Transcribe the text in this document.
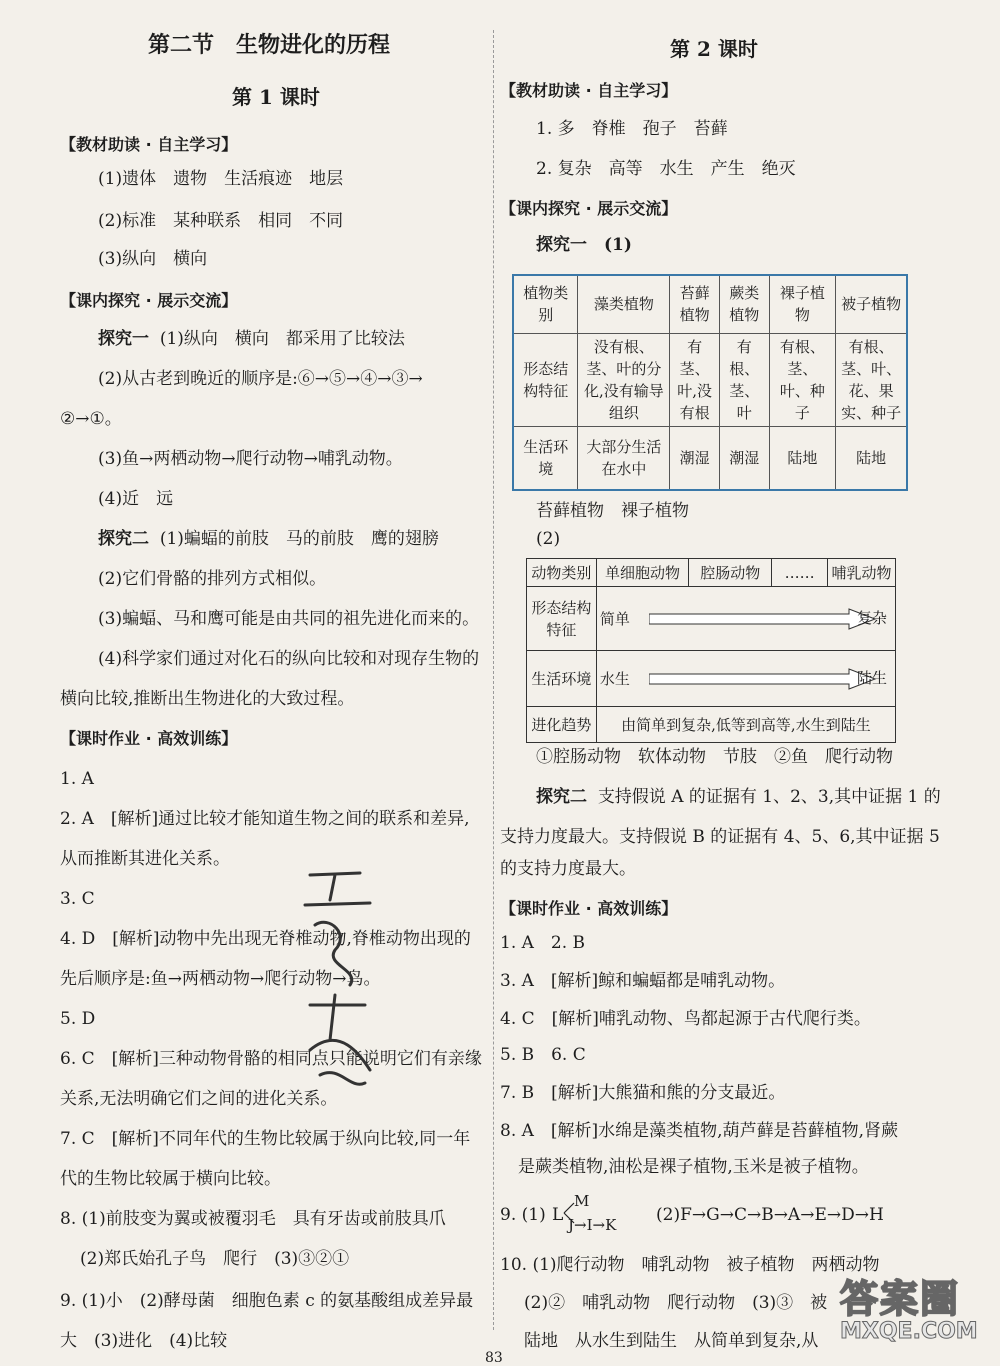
第二节　生物进化的历程
第 1 课时
【教材助读 · 自主学习】
(1)遗体　遗物　生活痕迹　地层
(2)标准　某种联系　相同　不同
(3)纵向　横向
【课内探究 · 展示交流】
探究一 (1)纵向　横向　都采用了比较法
(2)从古老到晚近的顺序是:⑥→⑤→④→③→
②→①。
(3)鱼→两栖动物→爬行动物→哺乳动物。
(4)近　远
探究二 (1)蝙蝠的前肢　马的前肢　鹰的翅膀
(2)它们骨骼的排列方式相似。
(3)蝙蝠、马和鹰可能是由共同的祖先进化而来的。
(4)科学家们通过对化石的纵向比较和对现存生物的
横向比较,推断出生物进化的大致过程。
【课时作业 · 高效训练】
1. A
2. A　[解析]通过比较才能知道生物之间的联系和差异,
从而推断其进化关系。
3. C
4. D　[解析]动物中先出现无脊椎动物,脊椎动物出现的
先后顺序是:鱼→两栖动物→爬行动物→鸟。
5. D
6. C　[解析]三种动物骨骼的相同点只能说明它们有亲缘
关系,无法明确它们之间的进化关系。
7. C　[解析]不同年代的生物比较属于纵向比较,同一年
代的生物比较属于横向比较。
8. (1)前肢变为翼或被覆羽毛　具有牙齿或前肢具爪
(2)郑氏始孔子鸟　爬行　(3)③②①
9. (1)小　(2)酵母菌　细胞色素 c 的氨基酸组成差异最
大　(3)进化　(4)比较
第 2 课时
【教材助读 · 自主学习】
1. 多　脊椎　孢子　苔藓
2. 复杂　高等　水生　产生　绝灭
【课内探究 · 展示交流】
探究一　(1)
植物类别	藻类植物	苔藓植物	蕨类植物	裸子植物	被子植物
形态结构特征	没有根、茎、叶的分化,没有输导组织	有茎、叶,没有根	有根、茎、叶	有根、茎、叶、种子	有根、茎、叶、花、果实、种子
生活环境	大部分生活在水中	潮湿	潮湿	陆地	陆地
苔藓植物　裸子植物
(2)
动物类别	单细胞动物	腔肠动物	……	哺乳动物
形态结构特征	简单 复杂			

生活环境	水生 陆生			

进化趋势	由简单到复杂,低等到高等,水生到陆生			
①腔肠动物　软体动物　节肢　②鱼　爬行动物
探究二 支持假说 A 的证据有 1、2、3,其中证据 1 的
支持力度最大。支持假说 B 的证据有 4、5、6,其中证据 5
的支持力度最大。
【课时作业 · 高效训练】
1. A　2. B
3. A　[解析]鲸和蝙蝠都是哺乳动物。
4. C　[解析]哺乳动物、鸟都起源于古代爬行类。
5. B　6. C
7. B　[解析]大熊猫和熊的分支最近。
8. A　[解析]水绵是藻类植物,葫芦藓是苔藓植物,肾蕨
是蕨类植物,油松是裸子植物,玉米是被子植物。
9. (1) L
M
J→I→K (2)F→G→C→B→A→E→D→H
10. (1)爬行动物　哺乳动物　被子植物　两栖动物
(2)②　哺乳动物　爬行动物　(3)③　被
陆地　从水生到陆生　从简单到复杂,从
83
答案圈
MXQE.COM
